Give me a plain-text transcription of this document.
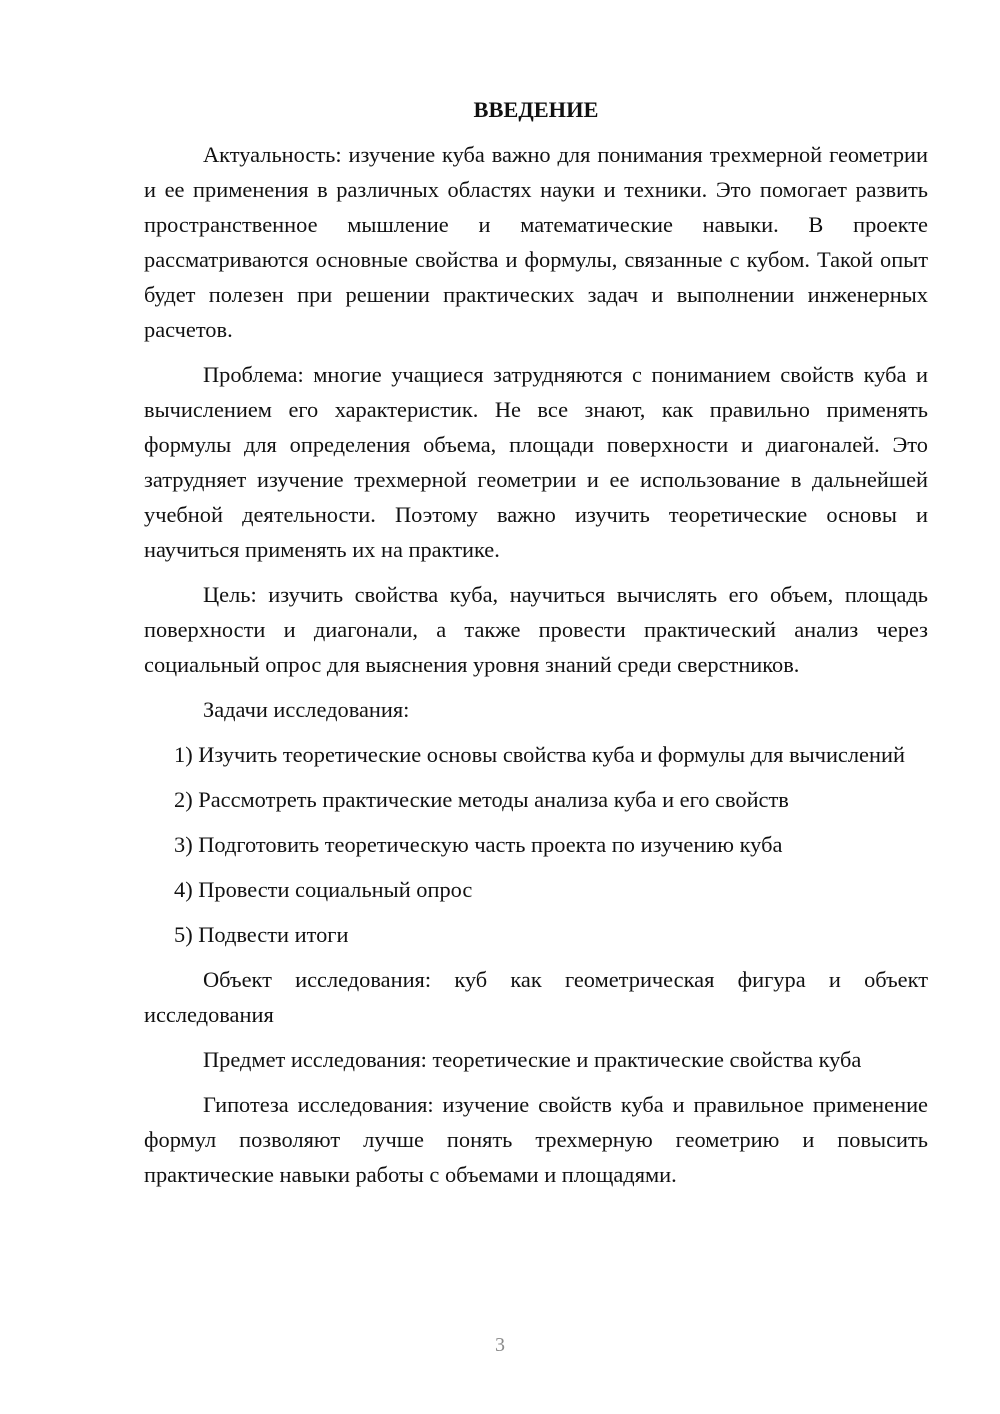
ВВЕДЕНИЕ

Актуальность: изучение куба важно для понимания трехмерной геометрии и ее применения в различных областях науки и техники. Это помогает развить пространственное мышление и математические навыки. В проекте рассматриваются основные свойства и формулы, связанные с кубом. Такой опыт будет полезен при решении практических задач и выполнении инженерных расчетов.

Проблема: многие учащиеся затрудняются с пониманием свойств куба и вычислением его характеристик. Не все знают, как правильно применять формулы для определения объема, площади поверхности и диагоналей. Это затрудняет изучение трехмерной геометрии и ее использование в дальнейшей учебной деятельности. Поэтому важно изучить теоретические основы и научиться применять их на практике.

Цель: изучить свойства куба, научиться вычислять его объем, площадь поверхности и диагонали, а также провести практический анализ через социальный опрос для выяснения уровня знаний среди сверстников.

Задачи исследования:

1) Изучить теоретические основы свойства куба и формулы для вычислений

2) Рассмотреть практические методы анализа куба и его свойств

3) Подготовить теоретическую часть проекта по изучению куба

4) Провести социальный опрос

5) Подвести итоги

Объект исследования: куб как геометрическая фигура и объект исследования

Предмет исследования: теоретические и практические свойства куба

Гипотеза исследования: изучение свойств куба и правильное применение формул позволяют лучше понять трехмерную геометрию и повысить практические навыки работы с объемами и площадями.

3
